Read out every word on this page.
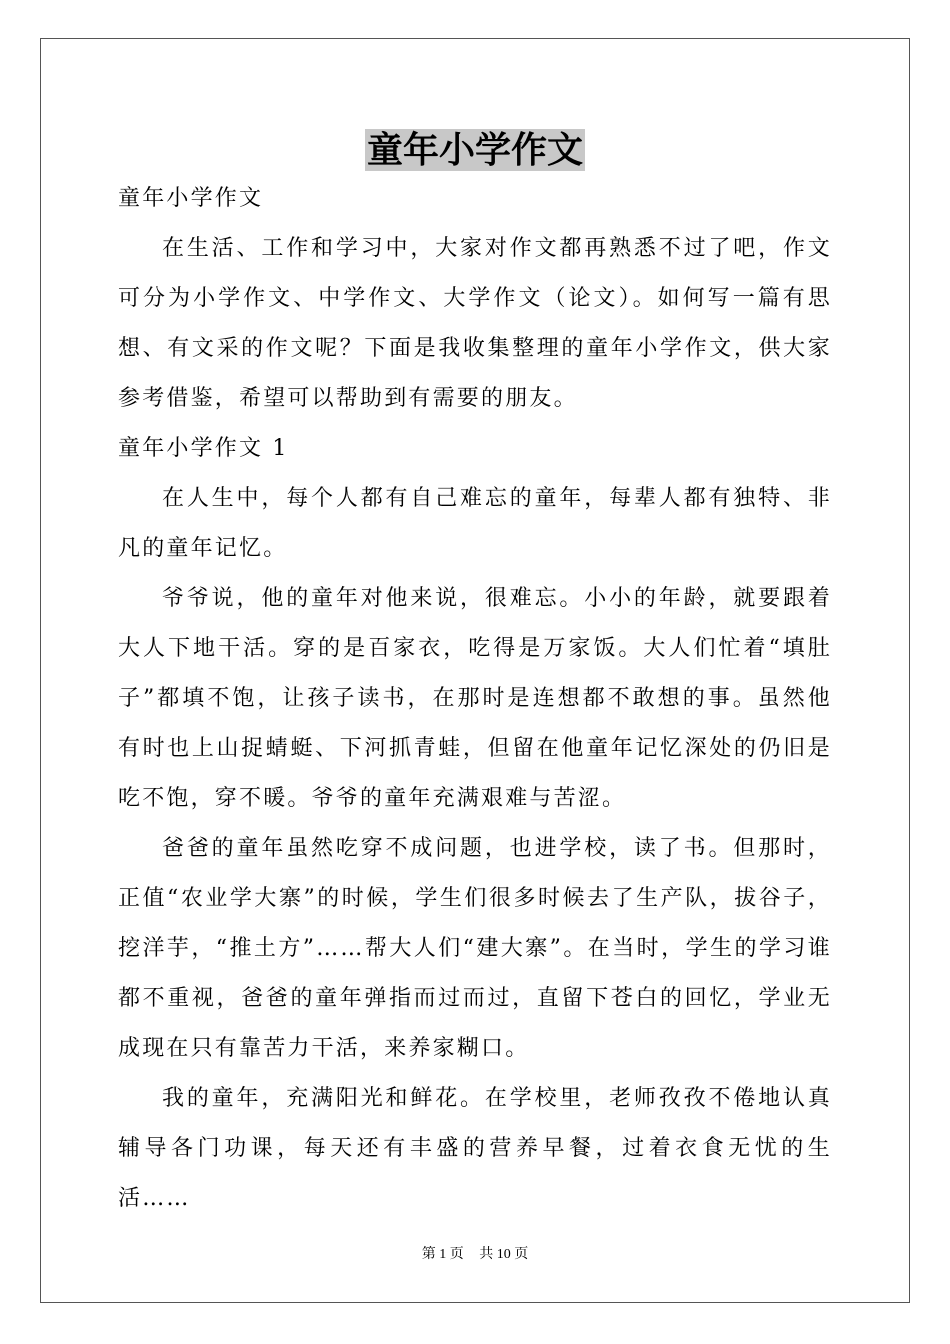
童年小学作文

童年小学作文

在生活、工作和学习中，大家对作文都再熟悉不过了吧，作文可分为小学作文、中学作文、大学作文（论文）。如何写一篇有思想、有文采的作文呢？下面是我收集整理的童年小学作文，供大家参考借鉴，希望可以帮助到有需要的朋友。

童年小学作文 1

在人生中，每个人都有自己难忘的童年，每辈人都有独特、非凡的童年记忆。

爷爷说，他的童年对他来说，很难忘。小小的年龄，就要跟着大人下地干活。穿的是百家衣，吃得是万家饭。大人们忙着“填肚子”都填不饱，让孩子读书，在那时是连想都不敢想的事。虽然他有时也上山捉蜻蜓、下河抓青蛙，但留在他童年记忆深处的仍旧是吃不饱，穿不暖。爷爷的童年充满艰难与苦涩。

爸爸的童年虽然吃穿不成问题，也进学校，读了书。但那时，正值“农业学大寨”的时候，学生们很多时候去了生产队，拔谷子，挖洋芋，“推土方”……帮大人们“建大寨”。在当时，学生的学习谁都不重视，爸爸的童年弹指而过而过，直留下苍白的回忆，学业无成现在只有靠苦力干活，来养家糊口。

我的童年，充满阳光和鲜花。在学校里，老师孜孜不倦地认真辅导各门功课，每天还有丰盛的营养早餐，过着衣食无忧的生活……

第 1 页 共 10 页
